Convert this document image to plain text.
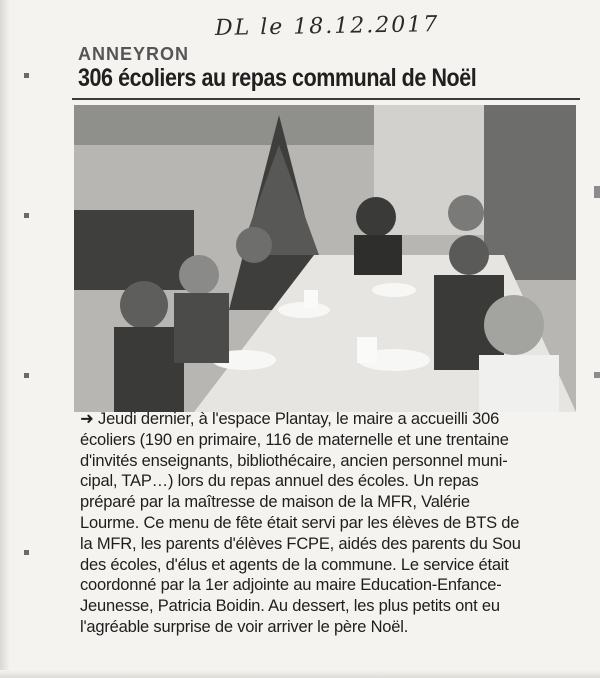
DL le 18.12.2017
ANNEYRON
306 écoliers au repas communal de Noël
➜ Jeudi dernier, à l'espace Plantay, le maire a accueilli 306
écoliers (190 en primaire, 116 de maternelle et une trentaine
d'invités enseignants, bibliothécaire, ancien personnel muni-
cipal, TAP…) lors du repas annuel des écoles. Un repas
préparé par la maîtresse de maison de la MFR, Valérie
Lourme. Ce menu de fête était servi par les élèves de BTS de
la MFR, les parents d'élèves FCPE, aidés des parents du Sou
des écoles, d'élus et agents de la commune. Le service était
coordonné par la 1er adjointe au maire Education-Enfance-
Jeunesse, Patricia Boidin. Au dessert, les plus petits ont eu
l'agréable surprise de voir arriver le père Noël.
